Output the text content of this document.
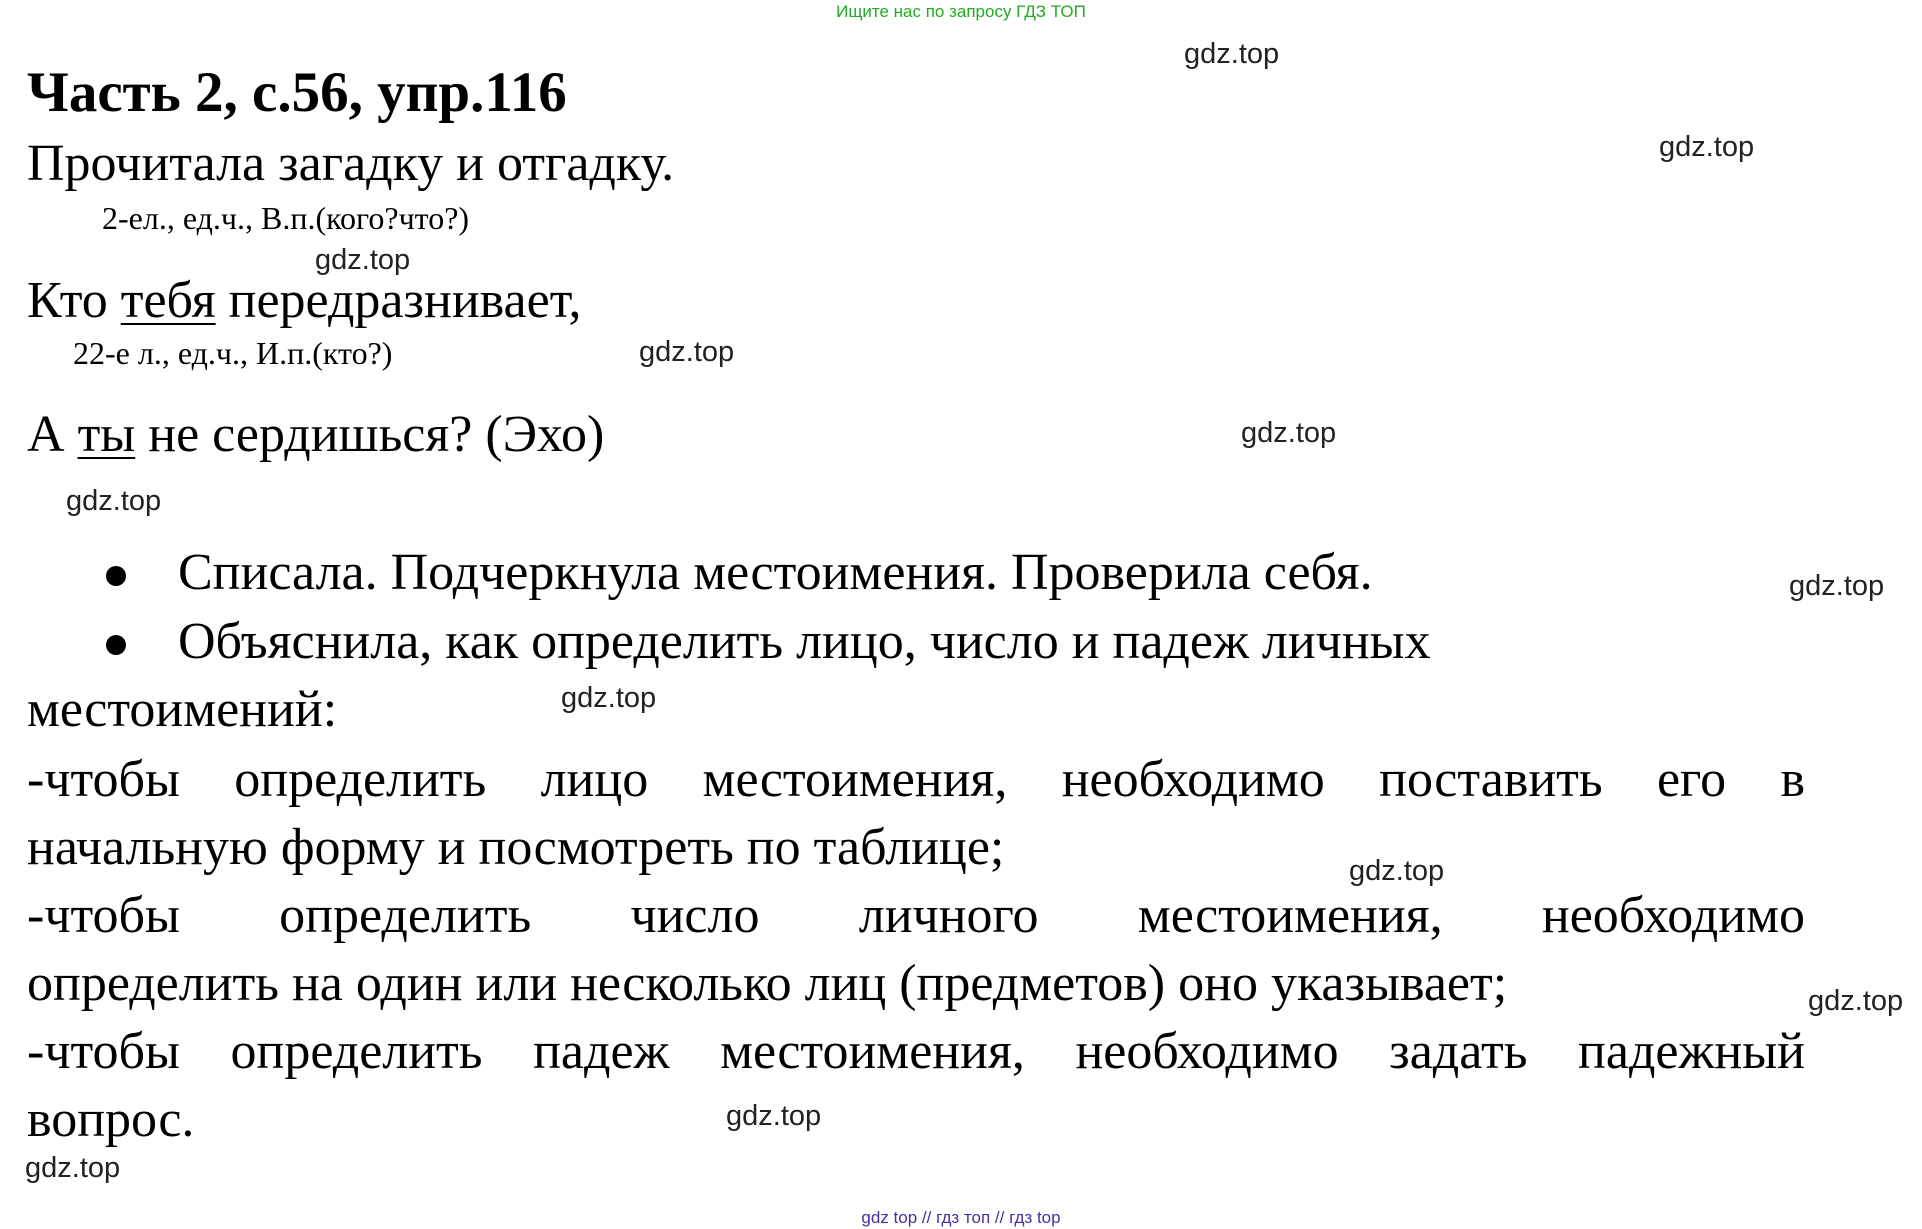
Ищите нас по запросу ГДЗ ТОП
Часть 2, с.56, упр.116
Прочитала загадку и отгадку.
2-ел., ед.ч., В.п.(кого?что?)
Кто тебя передразнивает,
22-е л., ед.ч., И.п.(кто?)
А ты не сердишься? (Эхо)
Списала. Подчеркнула местоимения. Проверила себя.
Объяснила, как определить лицо, число и падеж личных
местоимений:
-чтобы определить лицо местоимения, необходимо поставить его в
начальную форму и посмотреть по таблице;
-чтобы определить число личного местоимения, необходимо
определить на один или несколько лиц (предметов) оно указывает;
-чтобы определить падеж местоимения, необходимо задать падежный
вопрос.
gdz.top
gdz.top
gdz.top
gdz.top
gdz.top
gdz.top
gdz.top
gdz.top
gdz.top
gdz.top
gdz.top
gdz.top
gdz top // гдз топ // гдз top
